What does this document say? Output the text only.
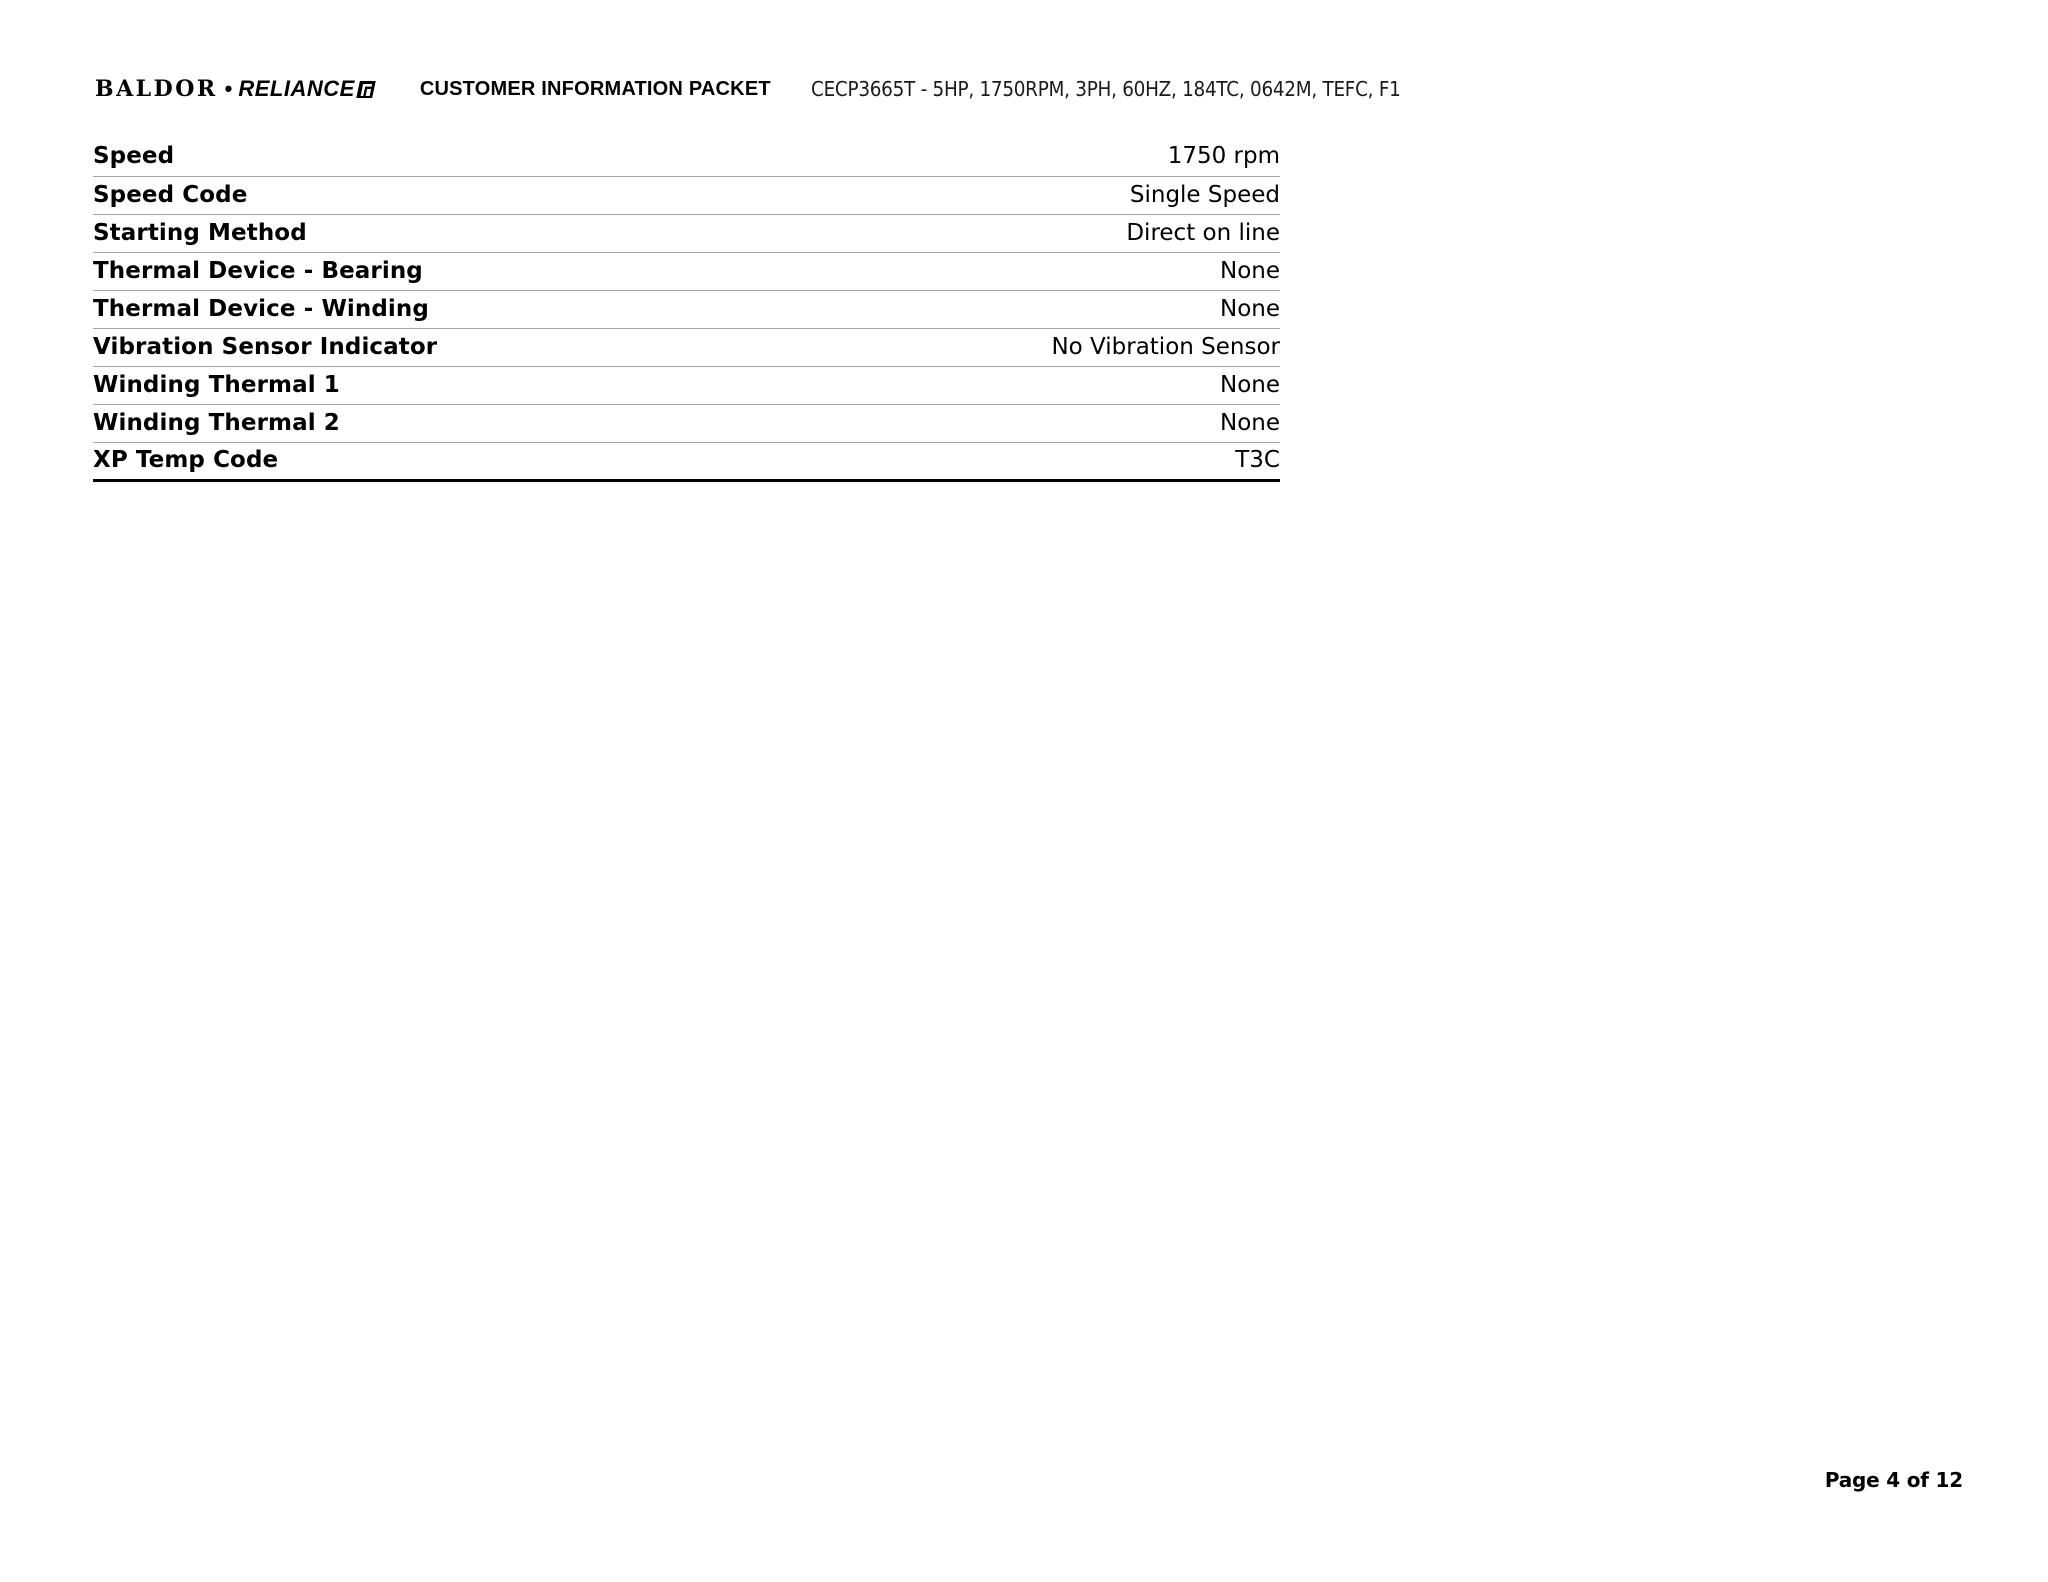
BALDOR • RELIANCE	CUSTOMER INFORMATION PACKET CECP3665T - 5HP, 1750RPM, 3PH, 60HZ, 184TC, 0642M, TEFC, F1
Speed	1750 rpm
Speed Code	Single Speed
Starting Method	Direct on line
Thermal Device - Bearing	None
Thermal Device - Winding	None
Vibration Sensor Indicator	No Vibration Sensor
Winding Thermal 1	None
Winding Thermal 2	None
XP Temp Code	T3C
Page 4 of 12
